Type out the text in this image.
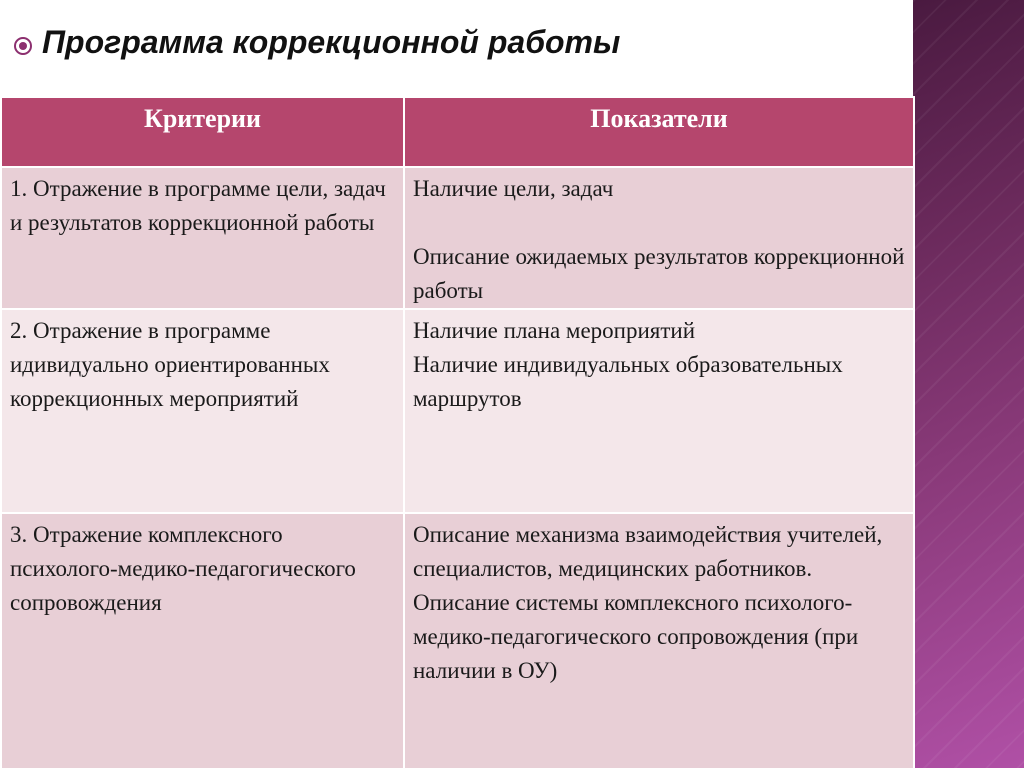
Программа коррекционной работы
Критерии	Показатели
1. Отражение в программе цели, задач и результатов коррекционной работы	Наличие цели, задач
Описание ожидаемых результатов коррекционной работы

2. Отражение в программе идивидуально ориентированных коррекционных мероприятий	Наличие плана мероприятий
Наличие индивидуальных образовательных маршрутов

3. Отражение комплексного психолого-медико-педагогического сопровождения	Описание механизма взаимодействия учителей, специалистов, медицинских работников.
Описание системы комплексного психолого-медико-педагогического сопровождения (при наличии в ОУ)
